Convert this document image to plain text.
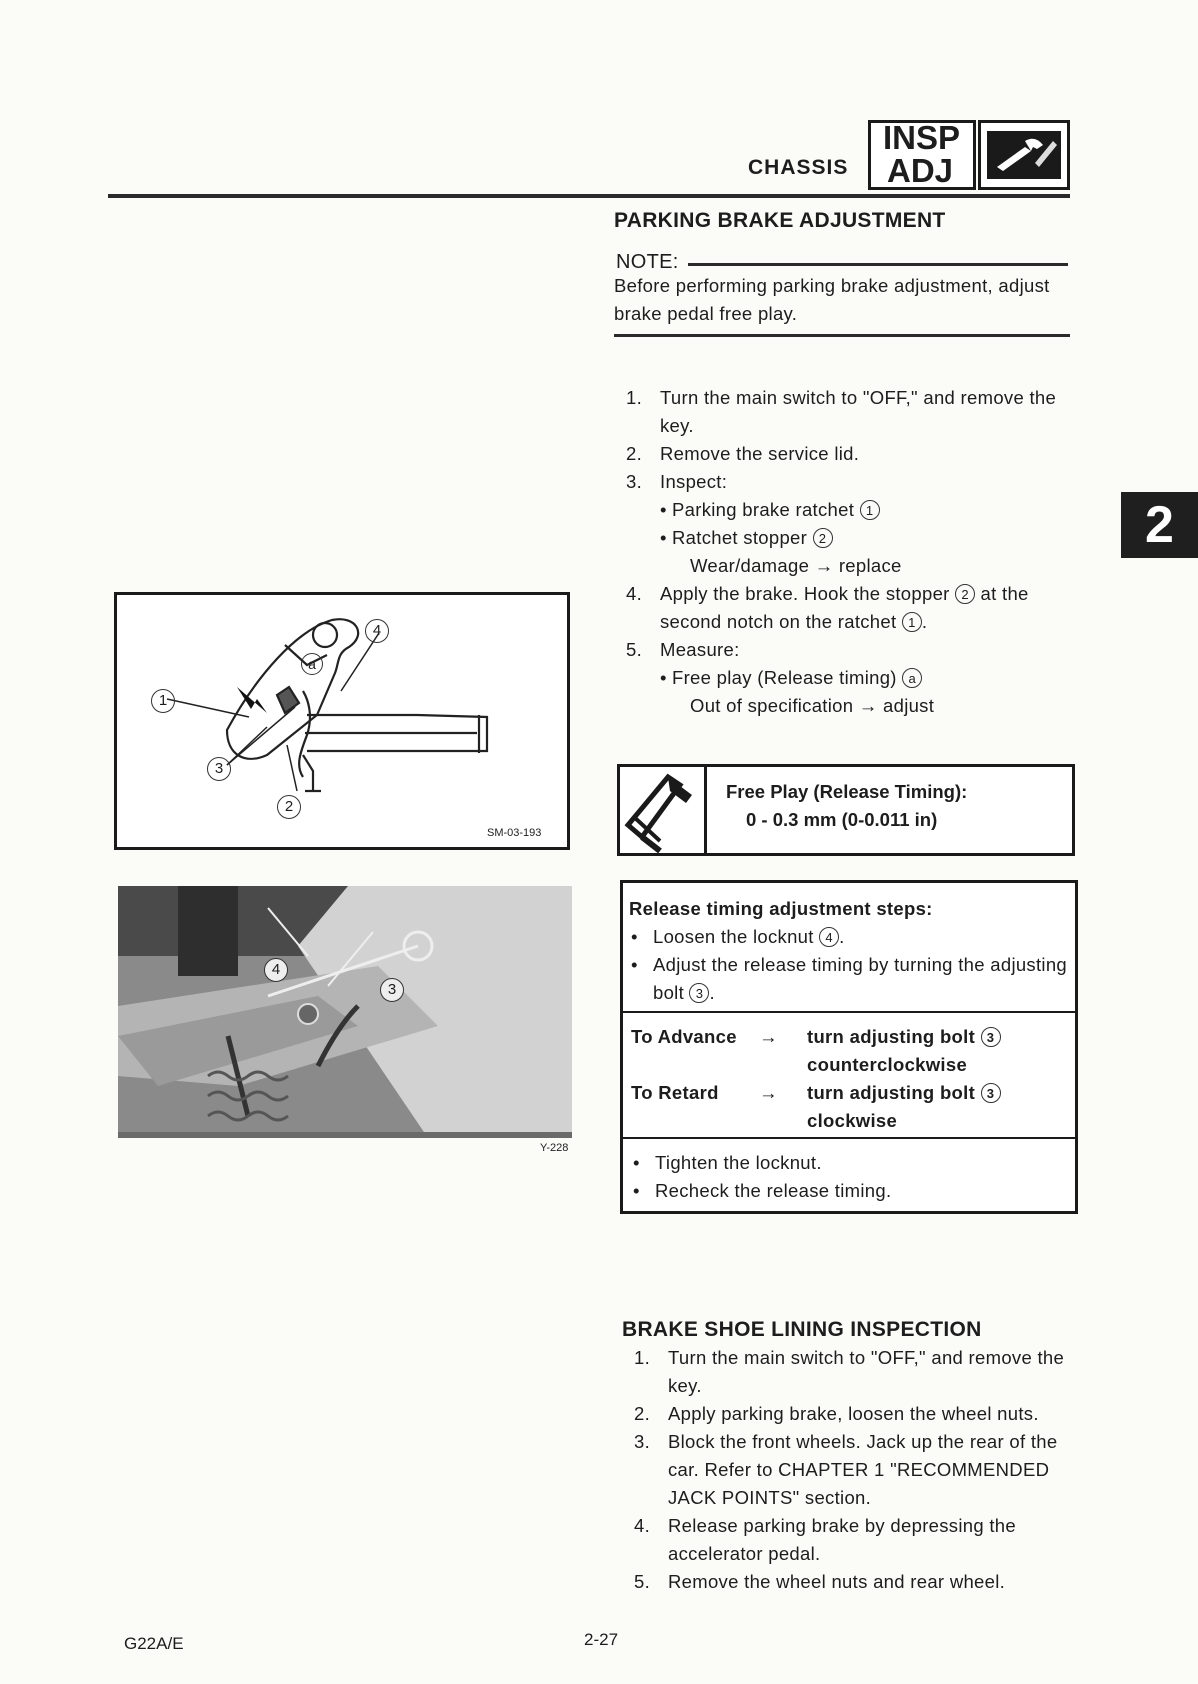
CHASSIS
INSP
ADJ
2
PARKING BRAKE ADJUSTMENT
NOTE:
Before performing parking brake adjustment, adjust brake pedal free play.
1. Turn the main switch to "OFF," and remove the key.
2. Remove the service lid.
3. Inspect:
• Parking brake ratchet 1
• Ratchet stopper 2
Wear/damage → replace
4. Apply the brake. Hook the stopper 2 at the second notch on the ratchet 1 .
5. Measure:
• Free play (Release timing) a
Out of specification → adjust
Free Play (Release Timing):
0 - 0.3 mm (0-0.011 in)
Release timing adjustment steps:
• Loosen the locknut 4 .
• Adjust the release timing by turning the adjusting bolt 3 .
To Advance → turn adjusting bolt 3
counterclockwise
To Retard → turn adjusting bolt 3
clockwise
• Tighten the locknut.
• Recheck the release timing.
1
2
3
4
a
SM-03-193
4
3
Y-228
BRAKE SHOE LINING INSPECTION
1. Turn the main switch to "OFF," and remove the key.
2. Apply parking brake, loosen the wheel nuts.
3. Block the front wheels. Jack up the rear of the car. Refer to CHAPTER 1 "RECOMMENDED JACK POINTS" section.
4. Release parking brake by depressing the accelerator pedal.
5. Remove the wheel nuts and rear wheel.
G22A/E	2-27
